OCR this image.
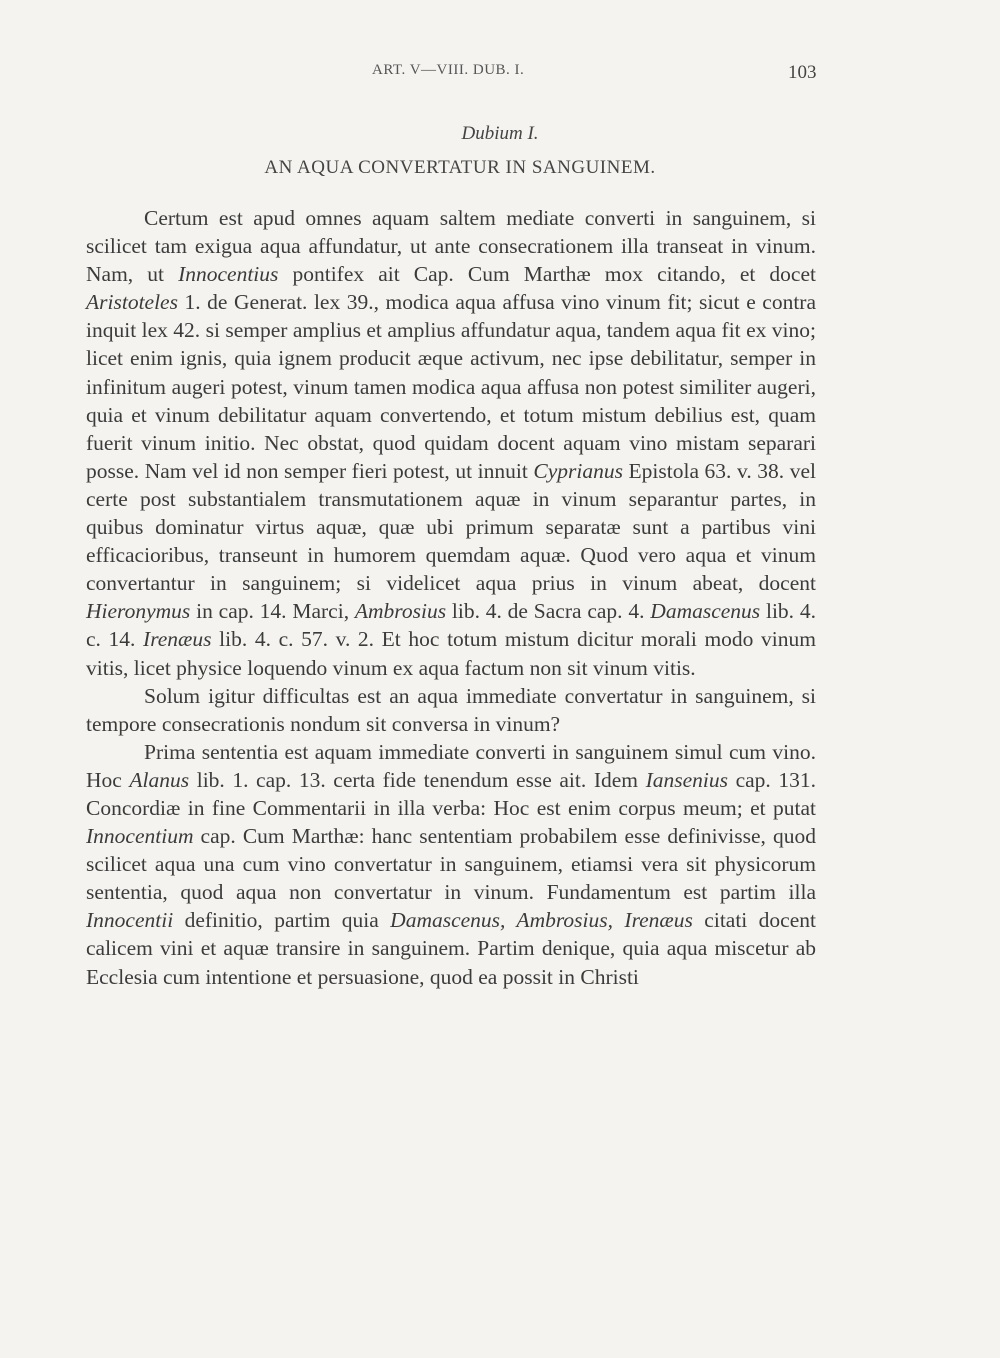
ART. V—VIII. DUB. I.	103
Dubium I.
AN AQUA CONVERTATUR IN SANGUINEM.

Certum est apud omnes aquam saltem mediate converti in sanguinem, si scilicet tam exigua aqua affundatur, ut ante consecrationem illa transeat in vinum. Nam, ut Innocentius pontifex ait Cap. Cum Marthæ mox citando, et docet Aristoteles 1. de Generat. lex 39., modica aqua affusa vino vinum fit; sicut e contra inquit lex 42. si semper amplius et amplius affundatur aqua, tandem aqua fit ex vino; licet enim ignis, quia ignem producit æque activum, nec ipse debilitatur, semper in infinitum augeri potest, vinum tamen modica aqua affusa non potest similiter augeri, quia et vinum debilitatur aquam convertendo, et totum mistum debilius est, quam fuerit vinum initio. Nec obstat, quod quidam docent aquam vino mistam separari posse. Nam vel id non semper fieri potest, ut innuit Cyprianus Epistola 63. v. 38. vel certe post substantialem transmutationem aquæ in vinum separantur partes, in quibus dominatur virtus aquæ, quæ ubi primum separatæ sunt a partibus vini efficacioribus, transeunt in humorem quemdam aquæ. Quod vero aqua et vinum convertantur in sanguinem; si videlicet aqua prius in vinum abeat, docent Hieronymus in cap. 14. Marci, Ambrosius lib. 4. de Sacra cap. 4. Damascenus lib. 4. c. 14. Irenæus lib. 4. c. 57. v. 2. Et hoc totum mistum dicitur morali modo vinum vitis, licet physice loquendo vinum ex aqua factum non sit vinum vitis.

Solum igitur difficultas est an aqua immediate convertatur in sanguinem, si tempore consecrationis nondum sit conversa in vinum?

Prima sententia est aquam immediate converti in sanguinem simul cum vino. Hoc Alanus lib. 1. cap. 13. certa fide tenendum esse ait. Idem Iansenius cap. 131. Concordiæ in fine Commentarii in illa verba: Hoc est enim corpus meum; et putat Innocentium cap. Cum Marthæ: hanc sententiam probabilem esse definivisse, quod scilicet aqua una cum vino convertatur in sanguinem, etiamsi vera sit physicorum sententia, quod aqua non convertatur in vinum. Fundamentum est partim illa Innocentii definitio, partim quia Damascenus, Ambrosius, Irenæus citati docent calicem vini et aquæ transire in sanguinem. Partim denique, quia aqua miscetur ab Ecclesia cum intentione et persuasione, quod ea possit in Christi
